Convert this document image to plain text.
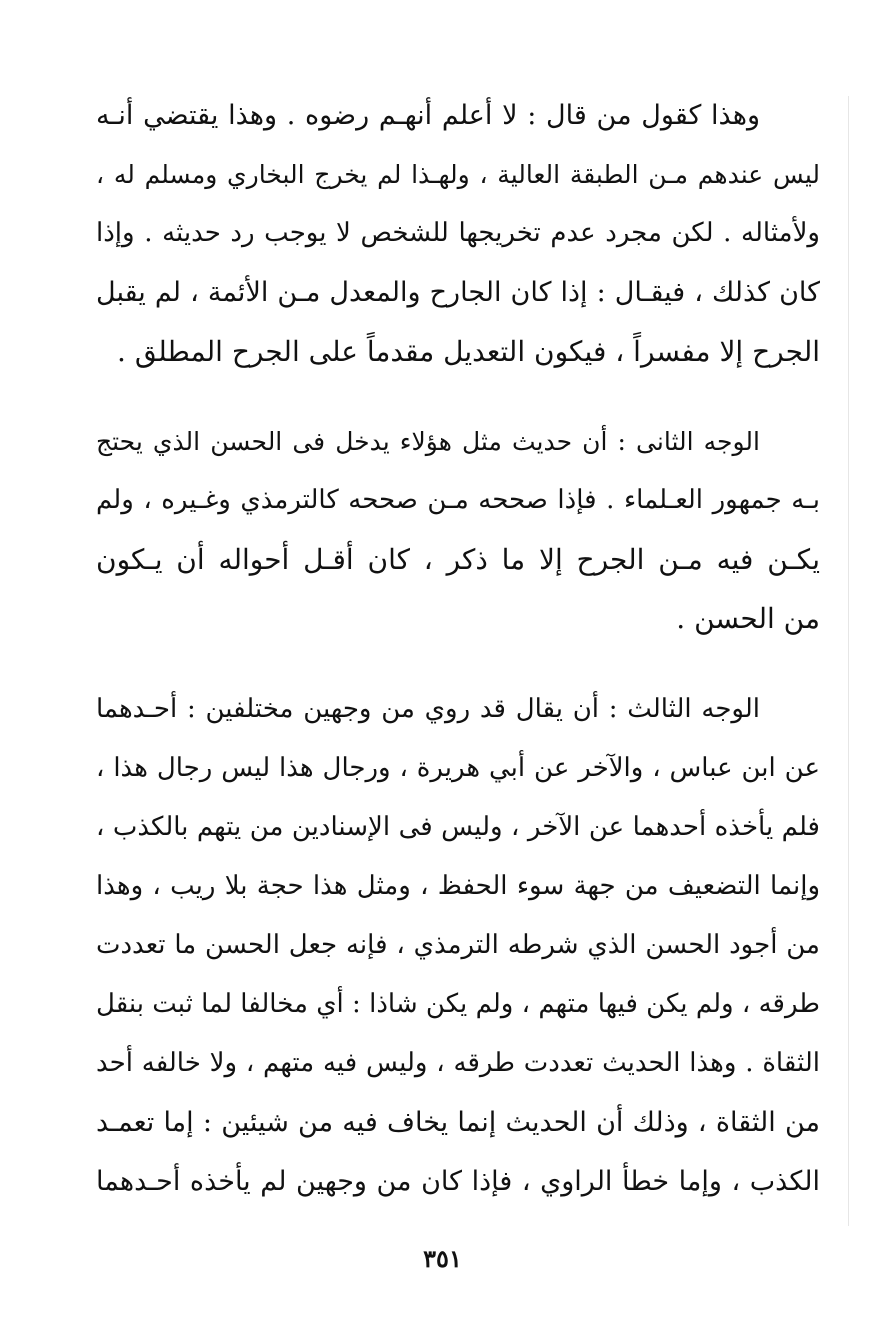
وهذا كقول من قال : لا أعلم أنهـم رضوه . وهذا يقتضي أنـه
ليس عندهم مـن الطبقة العالية ، ولهـذا لم يخرج البخاري ومسلم له ،
ولأمثاله . لكن مجرد عدم تخريجها للشخص لا يوجب رد حديثه . وإذا
كان كذلك ، فيقـال : إذا كان الجارح والمعدل مـن الأئمة ، لم يقبل
الجرح إلا مفسراً ، فيكون التعديل مقدماً على الجرح المطلق .
الوجه الثانى : أن حديث مثل هؤلاء يدخل فى الحسن الذي يحتج
بـه جمهور العـلماء . فإذا صححه مـن صححه كالترمذي وغـيره ، ولم
يكـن فيه مـن الجرح إلا ما ذكر ، كان أقـل أحواله أن يـكون
من الحسن .
الوجه الثالث : أن يقال قد روي من وجهين مختلفين : أحـدهما
عن ابن عباس ، والآخر عن أبي هريرة ، ورجال هذا ليس رجال هذا ،
فلم يأخذه أحدهما عن الآخر ، وليس فى الإسنادين من يتهم بالكذب ،
وإنما التضعيف من جهة سوء الحفظ ، ومثل هذا حجة بلا ريب ، وهذا
من أجود الحسن الذي شرطه الترمذي ، فإنه جعل الحسن ما تعددت
طرقه ، ولم يكن فيها متهم ، ولم يكن شاذا : أي مخالفا لما ثبت بنقل
الثقاة . وهذا الحديث تعددت طرقه ، وليس فيه متهم ، ولا خالفه أحد
من الثقاة ، وذلك أن الحديث إنما يخاف فيه من شيئين : إما تعمـد
الكذب ، وإما خطأ الراوي ، فإذا كان من وجهين لم يأخذه أحـدهما
٣٥١
